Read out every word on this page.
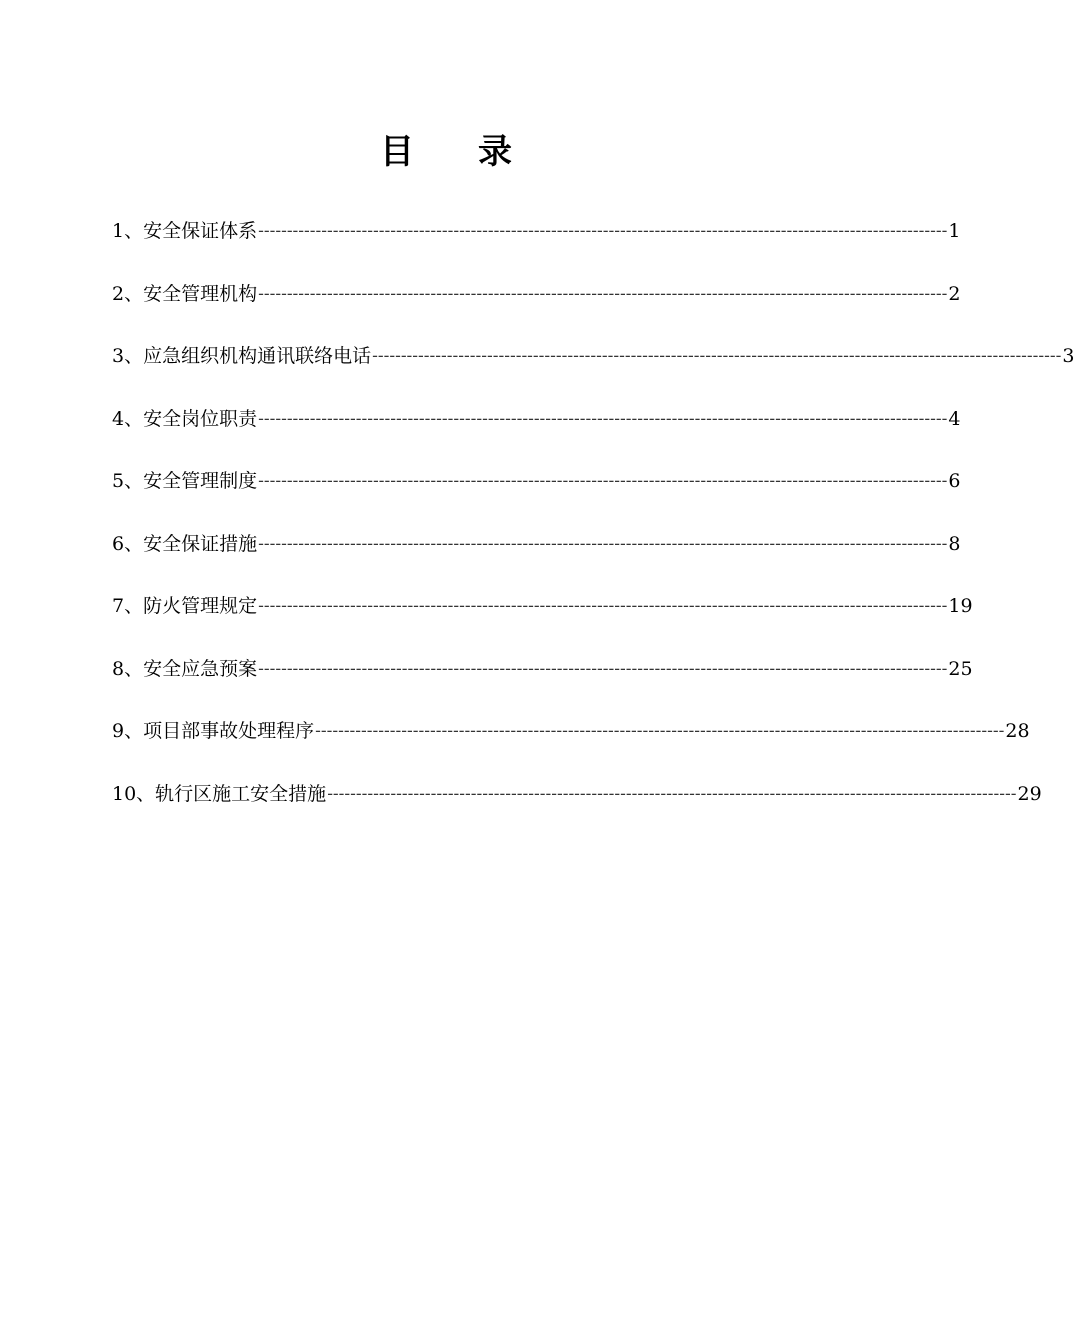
目录
1、安全保证体系 ------------------------------------------------------------------------------------------------------------------------ 1
2、安全管理机构 ------------------------------------------------------------------------------------------------------------------------ 2
3、应急组织机构通讯联络电话 ------------------------------------------------------------------------------------------------------------------------ 3
4、安全岗位职责 ------------------------------------------------------------------------------------------------------------------------ 4
5、安全管理制度 ------------------------------------------------------------------------------------------------------------------------ 6
6、安全保证措施 ------------------------------------------------------------------------------------------------------------------------ 8
7、防火管理规定 ------------------------------------------------------------------------------------------------------------------------ 19
8、安全应急预案 ------------------------------------------------------------------------------------------------------------------------ 25
9、项目部事故处理程序 ------------------------------------------------------------------------------------------------------------------------ 28
10、轨行区施工安全措施 ------------------------------------------------------------------------------------------------------------------------ 29
